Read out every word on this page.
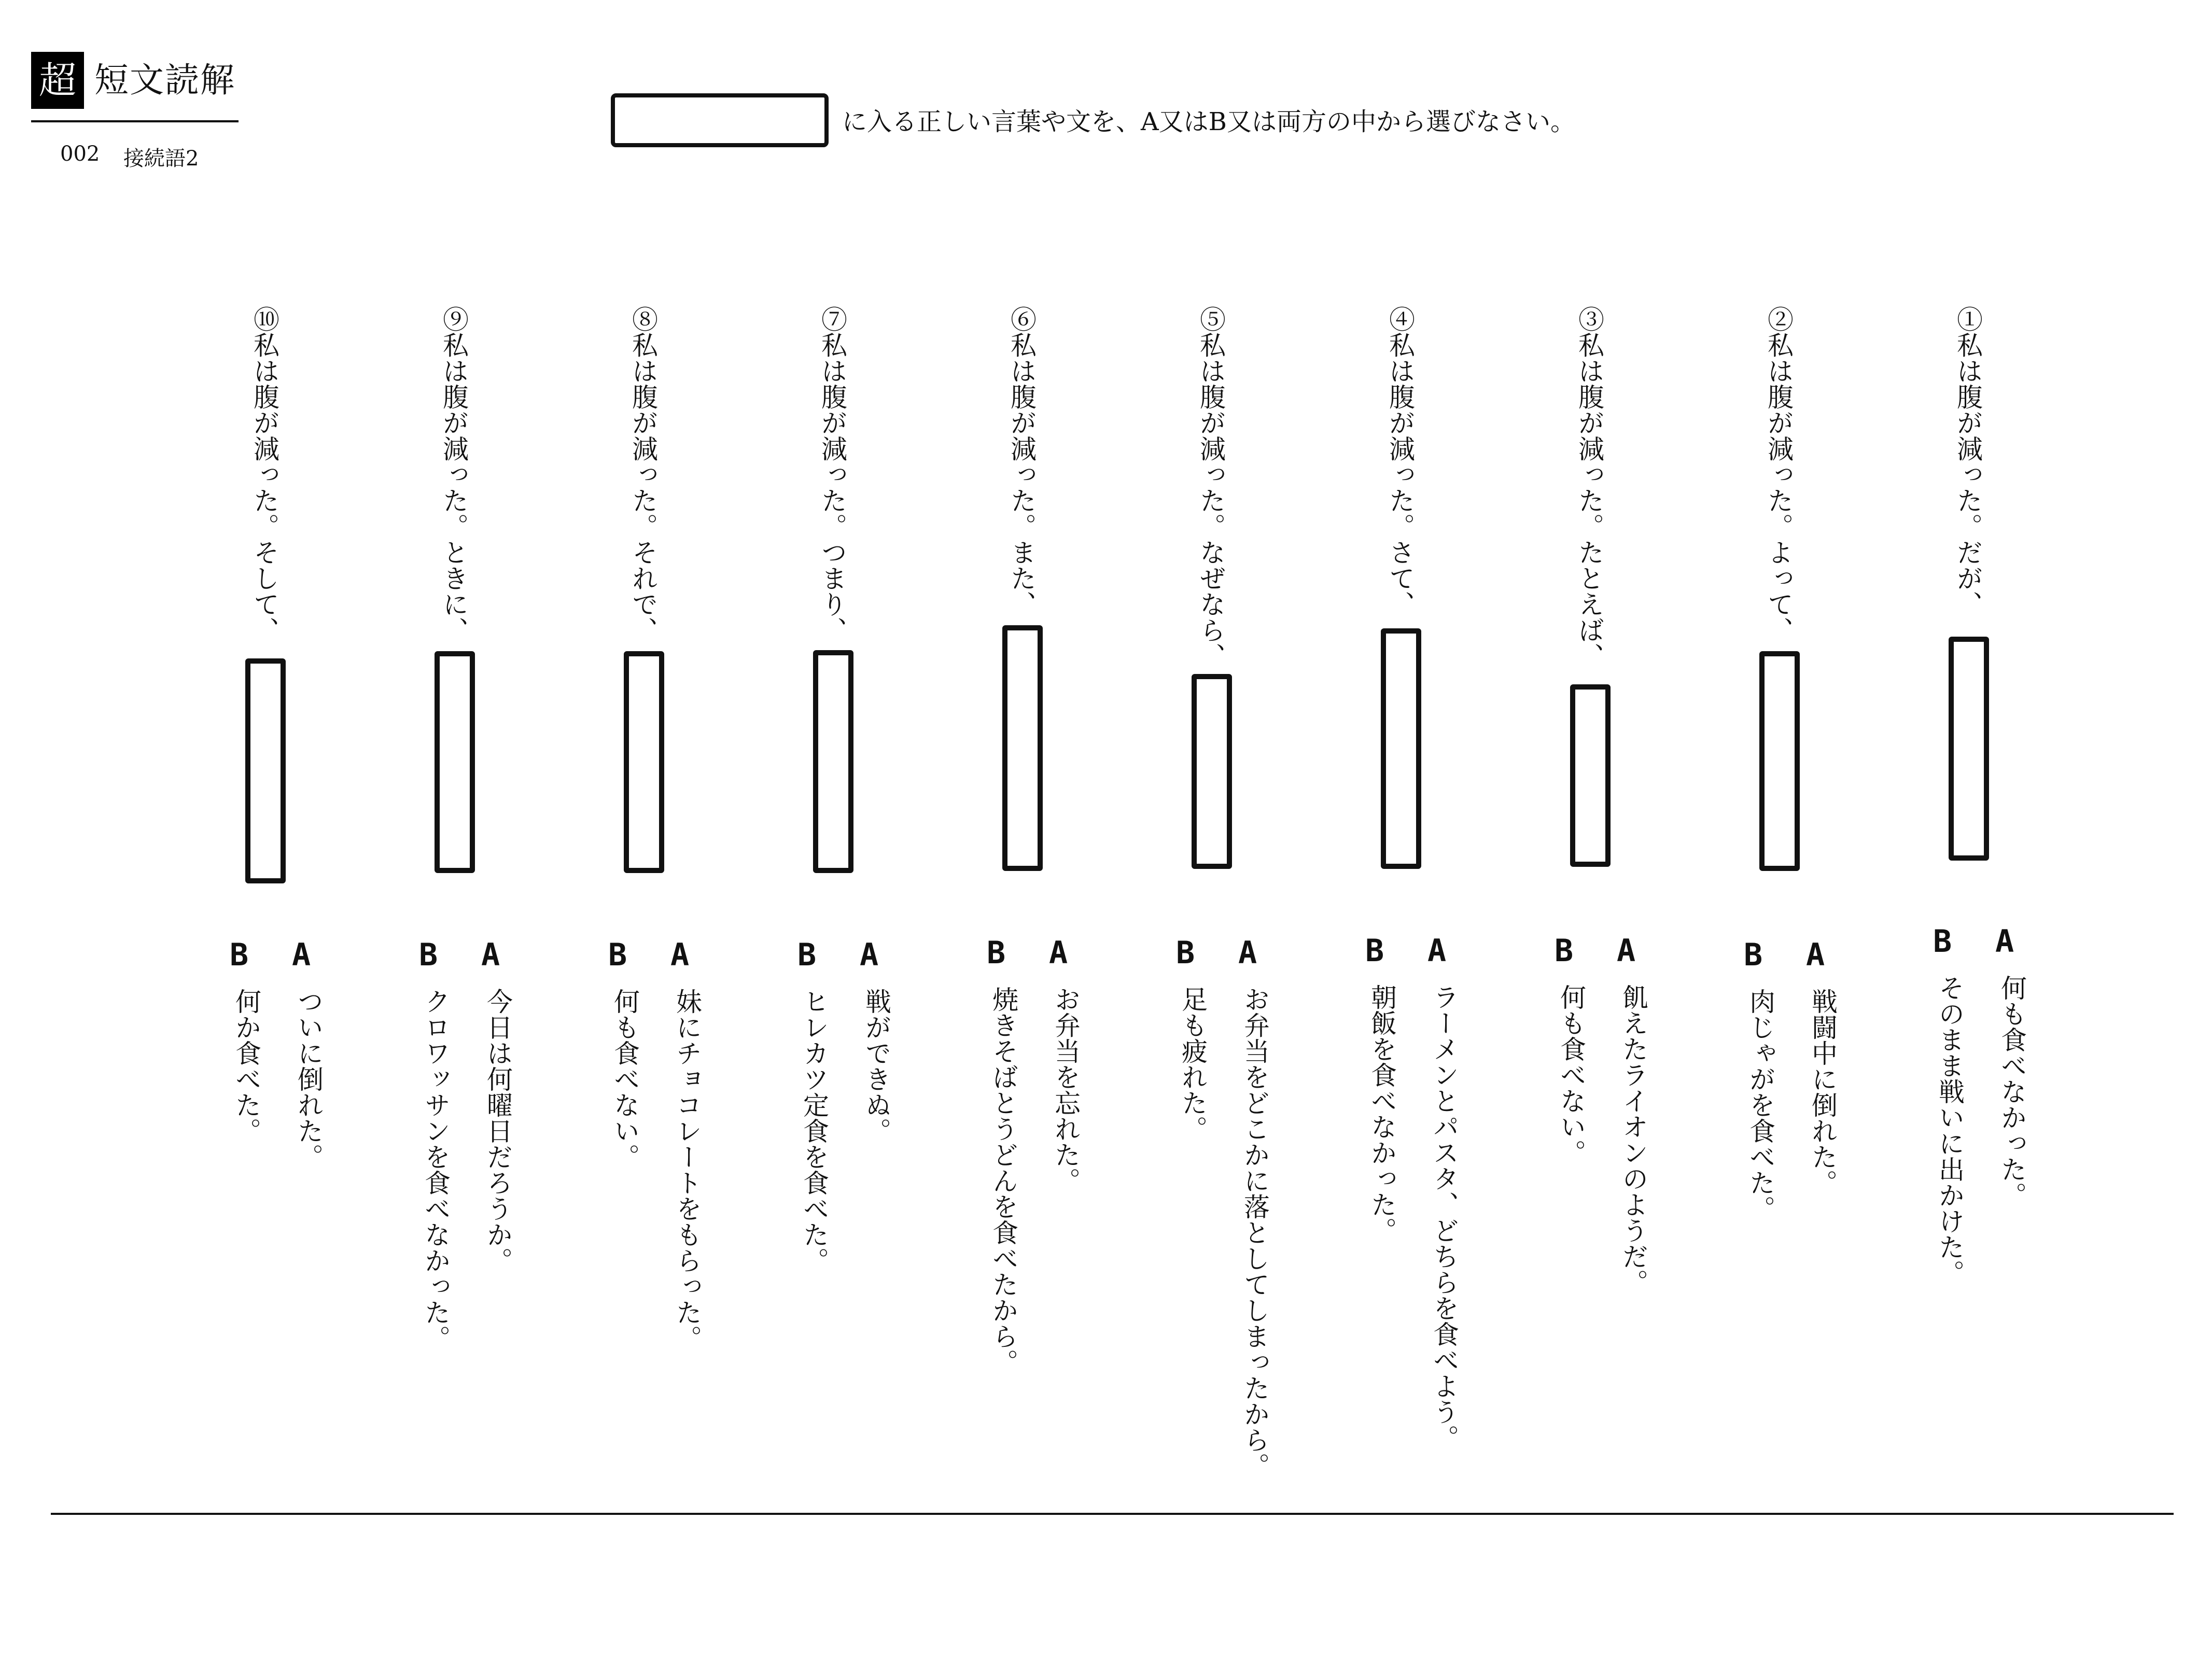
超 短文読解
002 接続語2
に入る正しい言葉や文を、A又はB又は両方の中から選びなさい。
①私は腹が減った。だが、
A
B
何も食べなかった。
そのまま戦いに出かけた。
②私は腹が減った。よって、
A
B
戦闘中に倒れた。
肉じゃがを食べた。
③私は腹が減った。たとえば、
A
B
飢えたライオンのようだ。
何も食べない。
④私は腹が減った。さて、
A
B
ラーメンとパスタ、どちらを食べよう。
朝飯を食べなかった。
⑤私は腹が減った。なぜなら、
A
B
お弁当をどこかに落としてしまったから。
足も疲れた。
⑥私は腹が減った。また、
A
B
お弁当を忘れた。
焼きそばとうどんを食べたから。
⑦私は腹が減った。つまり、
A
B
戦ができぬ。
ヒレカツ定食を食べた。
⑧私は腹が減った。それで、
A
B
妹にチョコレートをもらった。
何も食べない。
⑨私は腹が減った。ときに、
A
B
今日は何曜日だろうか。
クロワッサンを食べなかった。
⑩私は腹が減った。そして、
A
B
ついに倒れた。
何か食べた。
